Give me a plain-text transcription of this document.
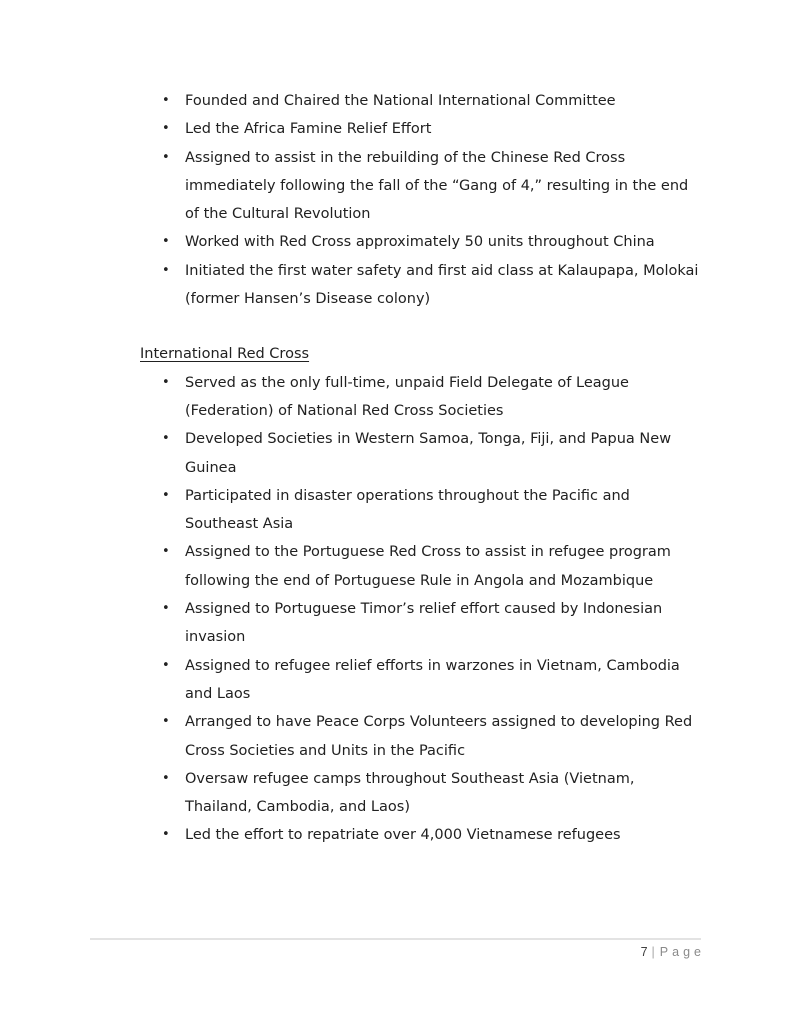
• Founded and Chaired the National International Committee
• Led the Africa Famine Relief Effort
• Assigned to assist in the rebuilding of the Chinese Red Cross immediately following the fall of the “Gang of 4,” resulting in the end of the Cultural Revolution
• Worked with Red Cross approximately 50 units throughout China
• Initiated the first water safety and first aid class at Kalaupapa, Molokai (former Hansen’s Disease colony)
International Red Cross
• Served as the only full-time, unpaid Field Delegate of League (Federation) of National Red Cross Societies
• Developed Societies in Western Samoa, Tonga, Fiji, and Papua New Guinea
• Participated in disaster operations throughout the Pacific and Southeast Asia
• Assigned to the Portuguese Red Cross to assist in refugee program following the end of Portuguese Rule in Angola and Mozambique
• Assigned to Portuguese Timor’s relief effort caused by Indonesian invasion
• Assigned to refugee relief efforts in warzones in Vietnam, Cambodia and Laos
• Arranged to have Peace Corps Volunteers assigned to developing Red Cross Societies and Units in the Pacific
• Oversaw refugee camps throughout Southeast Asia (Vietnam, Thailand, Cambodia, and Laos)
• Led the effort to repatriate over 4,000 Vietnamese refugees
7 | Page
